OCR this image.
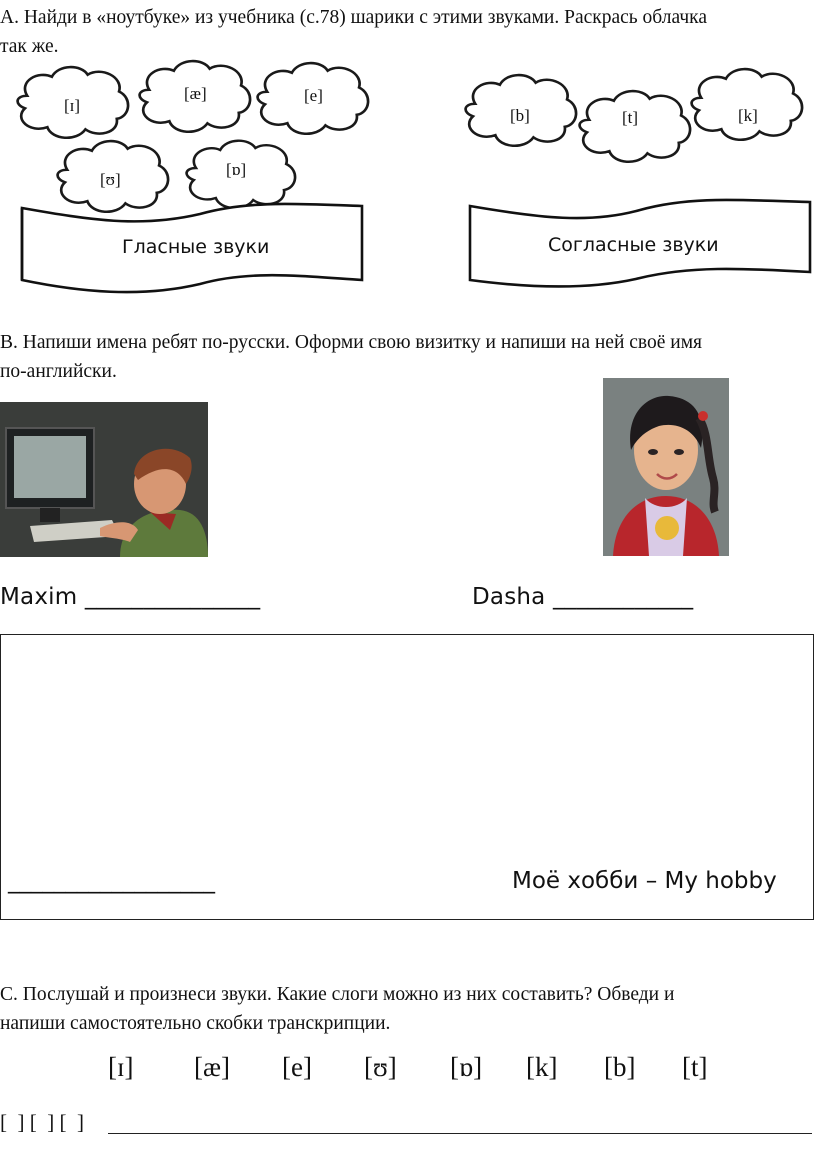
A. Найди в «ноутбуке» из учебника (с.78) шарики с этими звуками. Раскрась облачка
так же.
[ɪ]
[æ]	[e]
[ʊ]
[ɒ]
[b]	[t]	[k]
Гласные звуки	Согласные звуки
B. Напиши имена ребят по-русски. Оформи свою визитку и напиши на ней своё имя
по-английски.
Maxim _______________	Dasha ____________
__________________	Моё хобби – My hobby
C. Послушай и произнеси звуки. Какие слоги можно из них составить? Обведи и
напиши самостоятельно скобки транскрипции.
[ɪ] [æ] [e] [ʊ] [ɒ] [k] [b] [t]
[  ] [  ] [  ]
